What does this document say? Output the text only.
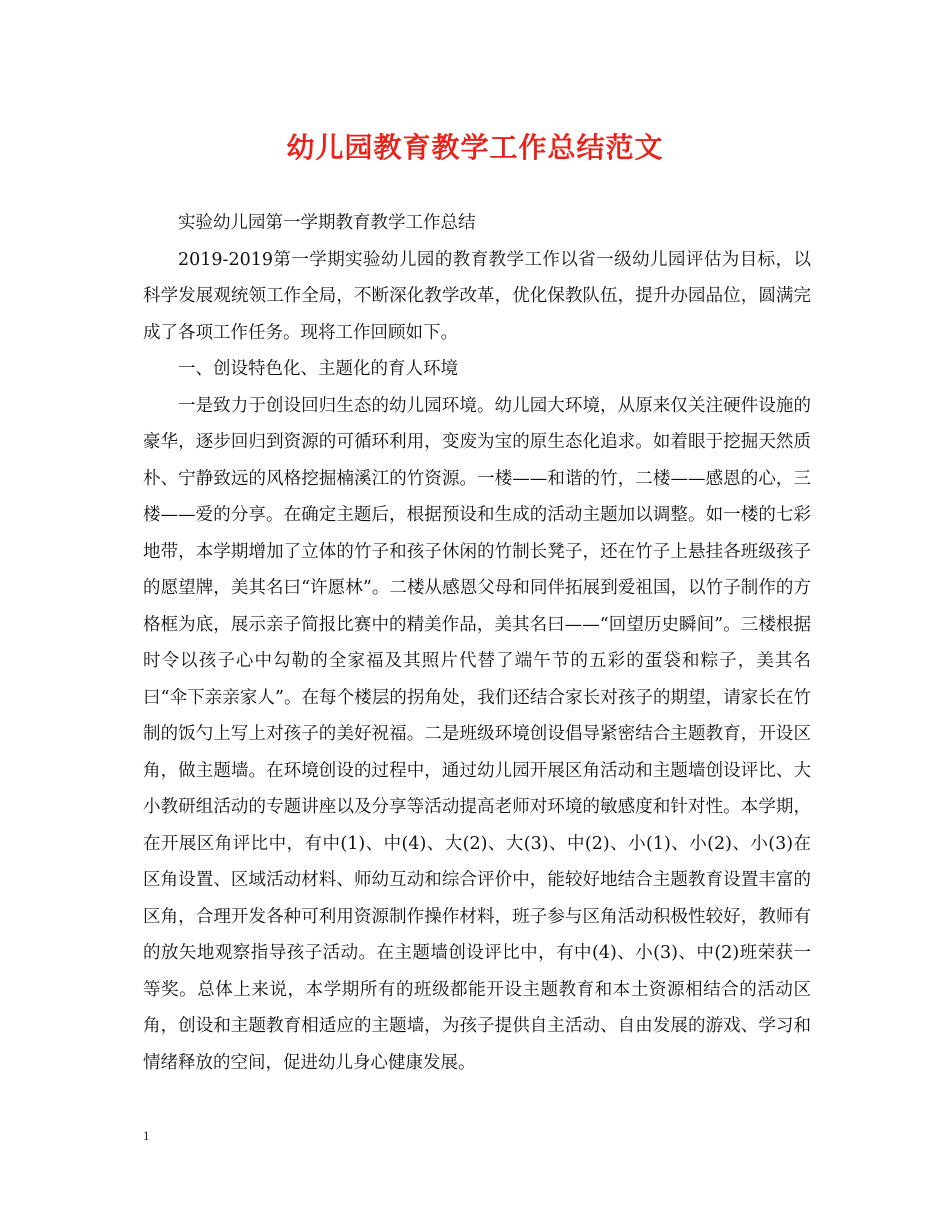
幼儿园教育教学工作总结范文

实验幼儿园第一学期教育教学工作总结

2019-2019第一学期实验幼儿园的教育教学工作以省一级幼儿园评估为目标，以科学发展观统领工作全局，不断深化教学改革，优化保教队伍，提升办园品位，圆满完成了各项工作任务。现将工作回顾如下。

一、创设特色化、主题化的育人环境

一是致力于创设回归生态的幼儿园环境。幼儿园大环境，从原来仅关注硬件设施的豪华，逐步回归到资源的可循环利用，变废为宝的原生态化追求。如着眼于挖掘天然质朴、宁静致远的风格挖掘楠溪江的竹资源。一楼——和谐的竹，二楼——感恩的心，三楼——爱的分享。在确定主题后，根据预设和生成的活动主题加以调整。如一楼的七彩地带，本学期增加了立体的竹子和孩子休闲的竹制长凳子，还在竹子上悬挂各班级孩子的愿望牌，美其名曰“许愿林”。二楼从感恩父母和同伴拓展到爱祖国，以竹子制作的方格框为底，展示亲子简报比赛中的精美作品，美其名曰——“回望历史瞬间”。三楼根据时令以孩子心中勾勒的全家福及其照片代替了端午节的五彩的蛋袋和粽子，美其名曰“伞下亲亲家人”。在每个楼层的拐角处，我们还结合家长对孩子的期望，请家长在竹制的饭勺上写上对孩子的美好祝福。二是班级环境创设倡导紧密结合主题教育，开设区角，做主题墙。在环境创设的过程中，通过幼儿园开展区角活动和主题墙创设评比、大小教研组活动的专题讲座以及分享等活动提高老师对环境的敏感度和针对性。本学期，在开展区角评比中，有中(1)、中(4)、大(2)、大(3)、中(2)、小(1)、小(2)、小(3)在区角设置、区域活动材料、师幼互动和综合评价中，能较好地结合主题教育设置丰富的区角，合理开发各种可利用资源制作操作材料，班子参与区角活动积极性较好，教师有的放矢地观察指导孩子活动。在主题墙创设评比中，有中(4)、小(3)、中(2)班荣获一等奖。总体上来说，本学期所有的班级都能开设主题教育和本土资源相结合的活动区角，创设和主题教育相适应的主题墙，为孩子提供自主活动、自由发展的游戏、学习和情绪释放的空间，促进幼儿身心健康发展。

1
